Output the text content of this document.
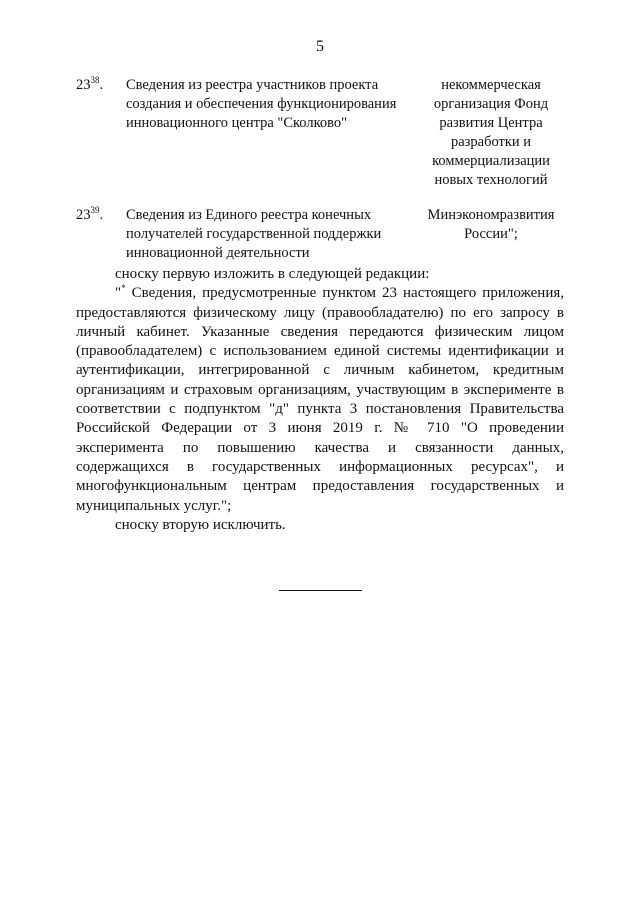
5
$23^{38}$.	Сведения из реестра участников проекта создания и обеспечения функционирования инновационного центра "Сколково"
некоммерческая организация Фонд развития Центра разработки и коммерциализации новых технологий
$23^{39}$.	Сведения из Единого реестра конечных получателей государственной поддержки инновационной деятельности
Минэкономразвития России";

сноску первую изложить в следующей редакции:

"* Сведения, предусмотренные пунктом 23 настоящего приложения, предоставляются физическому лицу (правообладателю) по его запросу в личный кабинет. Указанные сведения передаются физическим лицом (правообладателем) с использованием единой системы идентификации и аутентификации, интегрированной с личным кабинетом, кредитным организациям и страховым организациям, участвующим в эксперименте в соответствии с подпунктом "д" пункта 3 постановления Правительства Российской Федерации от 3 июня 2019 г. № 710 "О проведении эксперимента по повышению качества и связанности данных, содержащихся в государственных информационных ресурсах", и многофункциональным центрам предоставления государственных и муниципальных услуг.";

сноску вторую исключить.
